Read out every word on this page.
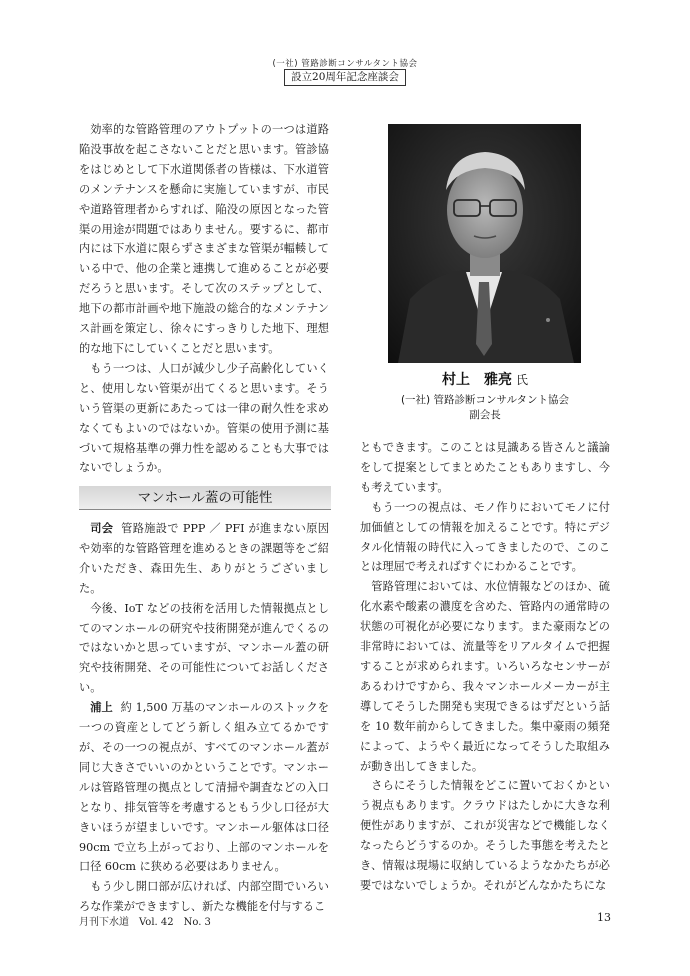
(一社) 管路診断コンサルタント協会
設立20周年記念座談会

効率的な管路管理のアウトプットの一つは道路陥没事故を起こさないことだと思います。管診協をはじめとして下水道関係者の皆様は、下水道管のメンテナンスを懸命に実施していますが、市民や道路管理者からすれば、陥没の原因となった管渠の用途が問題ではありません。要するに、都市内には下水道に限らずさまざまな管渠が輻輳している中で、他の企業と連携して進めることが必要だろうと思います。そして次のステップとして、地下の都市計画や地下施設の総合的なメンテナンス計画を策定し、徐々にすっきりした地下、理想的な地下にしていくことだと思います。

もう一つは、人口が減少し少子高齢化していくと、使用しない管渠が出てくると思います。そういう管渠の更新にあたっては一律の耐久性を求めなくてもよいのではないか。管渠の使用予測に基づいて規格基準の弾力性を認めることも大事ではないでしょうか。

マンホール蓋の可能性

司会 管路施設で PPP ／ PFI が進まない原因や効率的な管路管理を進めるときの課題等をご紹介いただき、森田先生、ありがとうございました。

今後、IoT などの技術を活用した情報拠点としてのマンホールの研究や技術開発が進んでくるのではないかと思っていますが、マンホール蓋の研究や技術開発、その可能性についてお話しください。

浦上 約 1,500 万基のマンホールのストックを一つの資産としてどう新しく組み立てるかですが、その一つの視点が、すべてのマンホール蓋が同じ大きさでいいのかということです。マンホールは管路管理の拠点として清掃や調査などの入口となり、排気管等を考慮するともう少し口径が大きいほうが望ましいです。マンホール躯体は口径 90cm で立ち上がっており、上部のマンホールを口径 60cm に狭める必要はありません。

もう少し開口部が広ければ、内部空間でいろいろな作業ができますし、新たな機能を付与するこ

村上　雅亮 氏
(一社) 管路診断コンサルタント協会
副会長

ともできます。このことは見識ある皆さんと議論をして提案としてまとめたこともありますし、今も考えています。

もう一つの視点は、モノ作りにおいてモノに付加価値としての情報を加えることです。特にデジタル化情報の時代に入ってきましたので、このことは理屈で考えればすぐにわかることです。

管路管理においては、水位情報などのほか、硫化水素や酸素の濃度を含めた、管路内の通常時の状態の可視化が必要になります。また豪雨などの非常時においては、流量等をリアルタイムで把握することが求められます。いろいろなセンサーがあるわけですから、我々マンホールメーカーが主導してそうした開発も実現できるはずだという話を 10 数年前からしてきました。集中豪雨の頻発によって、ようやく最近になってそうした取組みが動き出してきました。

さらにそうした情報をどこに置いておくかという視点もあります。クラウドはたしかに大きな利便性がありますが、これが災害などで機能しなくなったらどうするのか。そうした事態を考えたとき、情報は現場に収納しているようなかたちが必要ではないでしょうか。それがどんなかたちにな

月刊下水道　Vol. 42　No. 3	13
